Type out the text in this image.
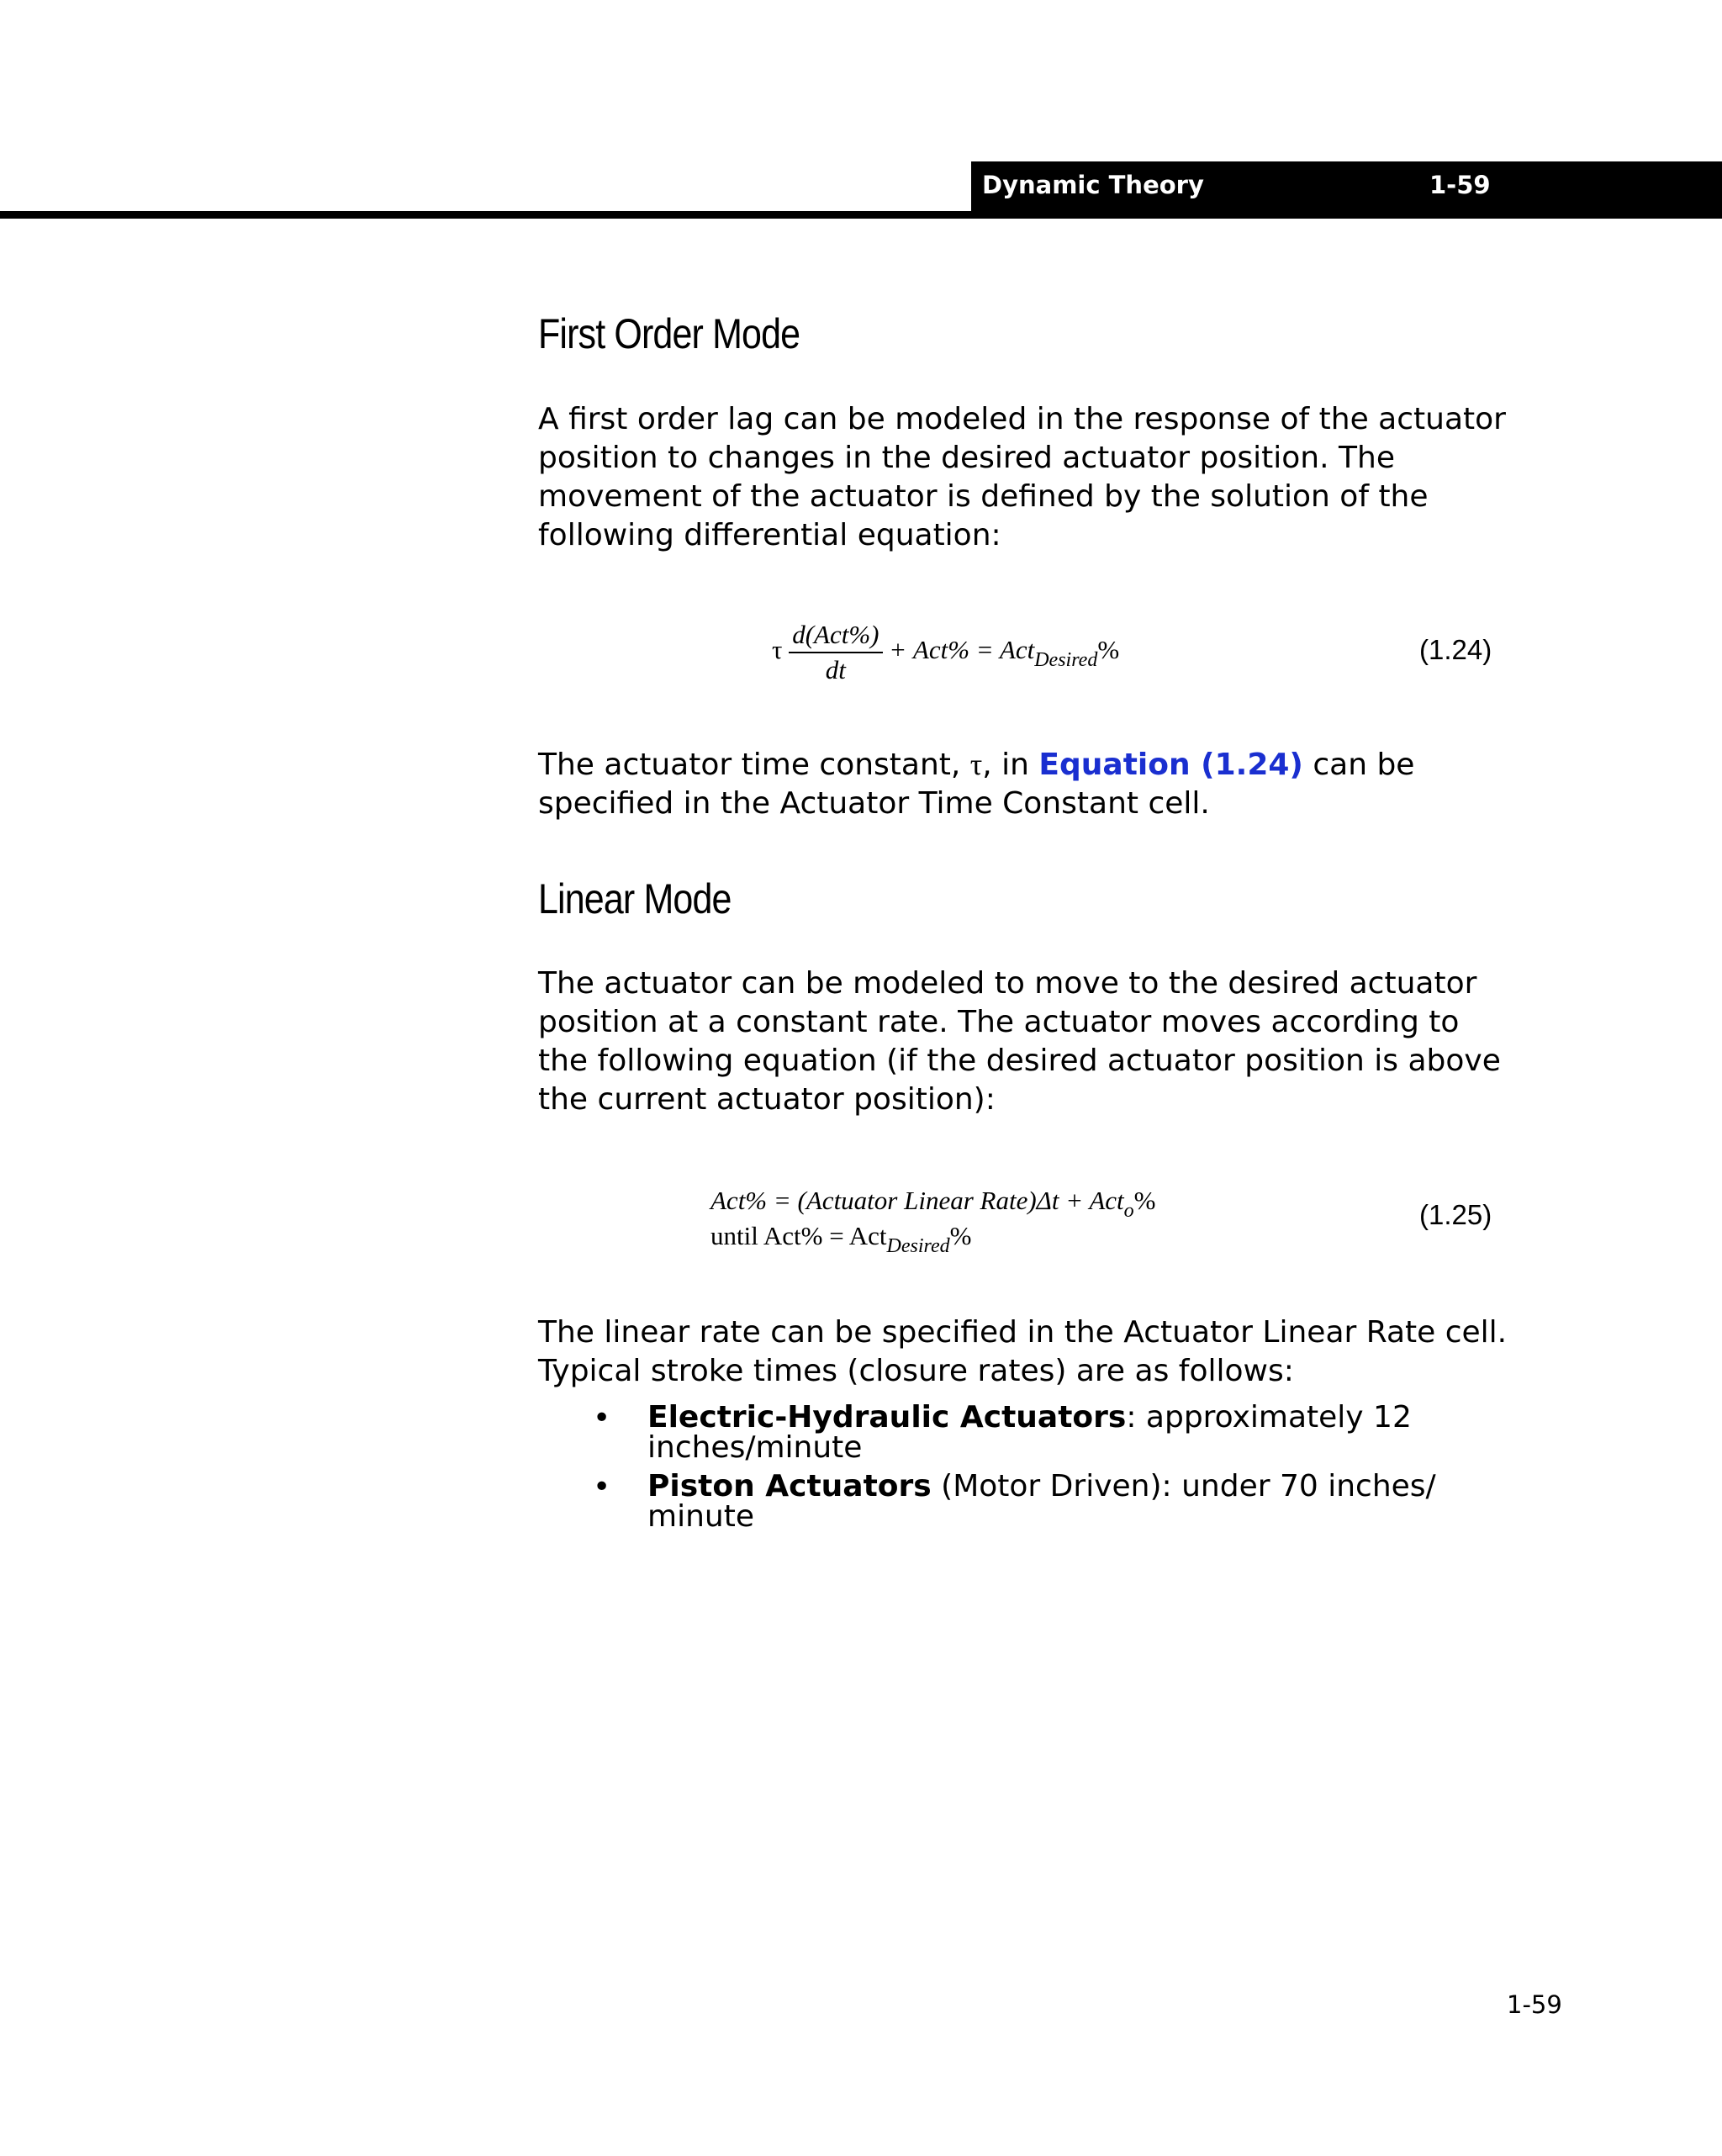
Dynamic Theory	1-59
First Order Mode

A first order lag can be modeled in the response of the actuator position to changes in the desired actuator position. The movement of the actuator is defined by the solution of the following differential equation:

τ $\frac{\text{d(Act\%)}}{dt} + Act\% = Act_{Desired}\%$	(1.24)

The actuator time constant, τ, in Equation (1.24) can be specified in the Actuator Time Constant cell.

Linear Mode

The actuator can be modeled to move to the desired actuator position at a constant rate. The actuator moves according to the following equation (if the desired actuator position is above the current actuator position):

Act% = (Actuator Linear Rate)Δt + Act$_o$%
until Act% = Act$_{Desired}$%
(1.25)

The linear rate can be specified in the Actuator Linear Rate cell. Typical stroke times (closure rates) are as follows:

• Electric-Hydraulic Actuators: approximately 12 inches/minute

• Piston Actuators (Motor Driven): under 70 inches/ minute

1-59
